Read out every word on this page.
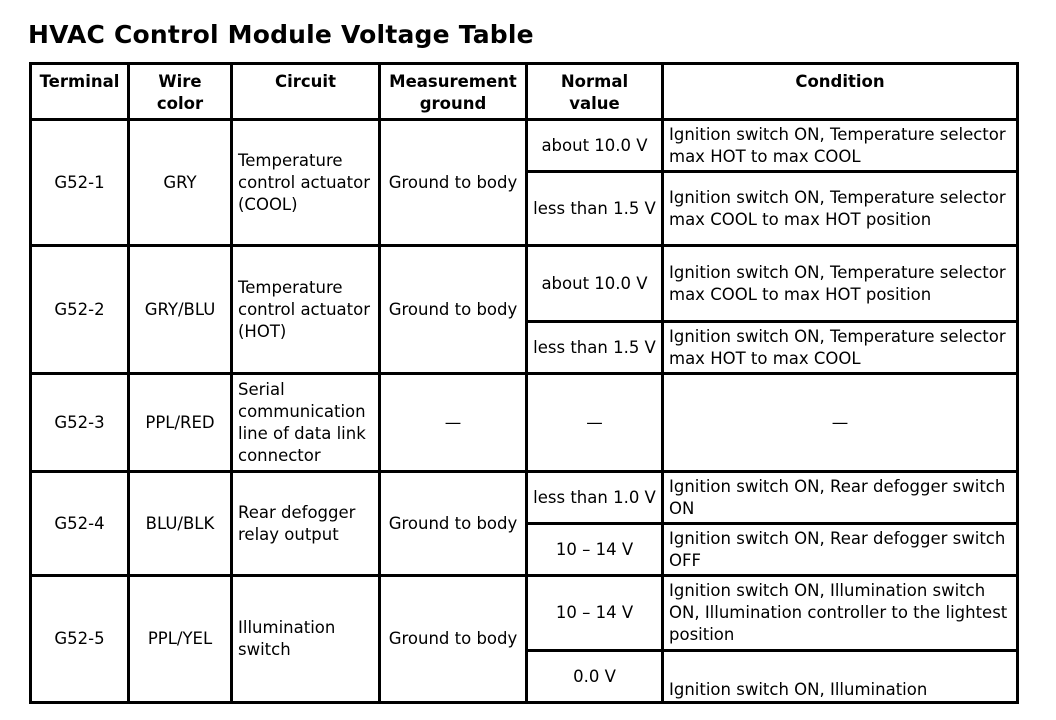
HVAC Control Module Voltage Table
Terminal	Wire color	Circuit	Measurement ground	Normal value	Condition
G52-1	GRY	Temperature control actuator (COOL)	Ground to body	about 10.0 V	Ignition switch ON, Temperature selector max HOT to max COOL
				less than 1.5 V	Ignition switch ON, Temperature selector max COOL to max HOT position
G52-2	GRY/BLU	Temperature control actuator (HOT)	Ground to body	about 10.0 V	Ignition switch ON, Temperature selector max COOL to max HOT position
				less than 1.5 V	Ignition switch ON, Temperature selector max HOT to max COOL
G52-3	PPL/RED	Serial communication line of data link connector	—	—	—
G52-4	BLU/BLK	Rear defogger relay output	Ground to body	less than 1.0 V	Ignition switch ON, Rear defogger switch ON
				10 – 14 V	Ignition switch ON, Rear defogger switch OFF
G52-5	PPL/YEL	Illumination switch	Ground to body	10 – 14 V	Ignition switch ON, Illumination switch ON, Illumination controller to the lightest position
				0.0 V	Ignition switch ON, Illumination
